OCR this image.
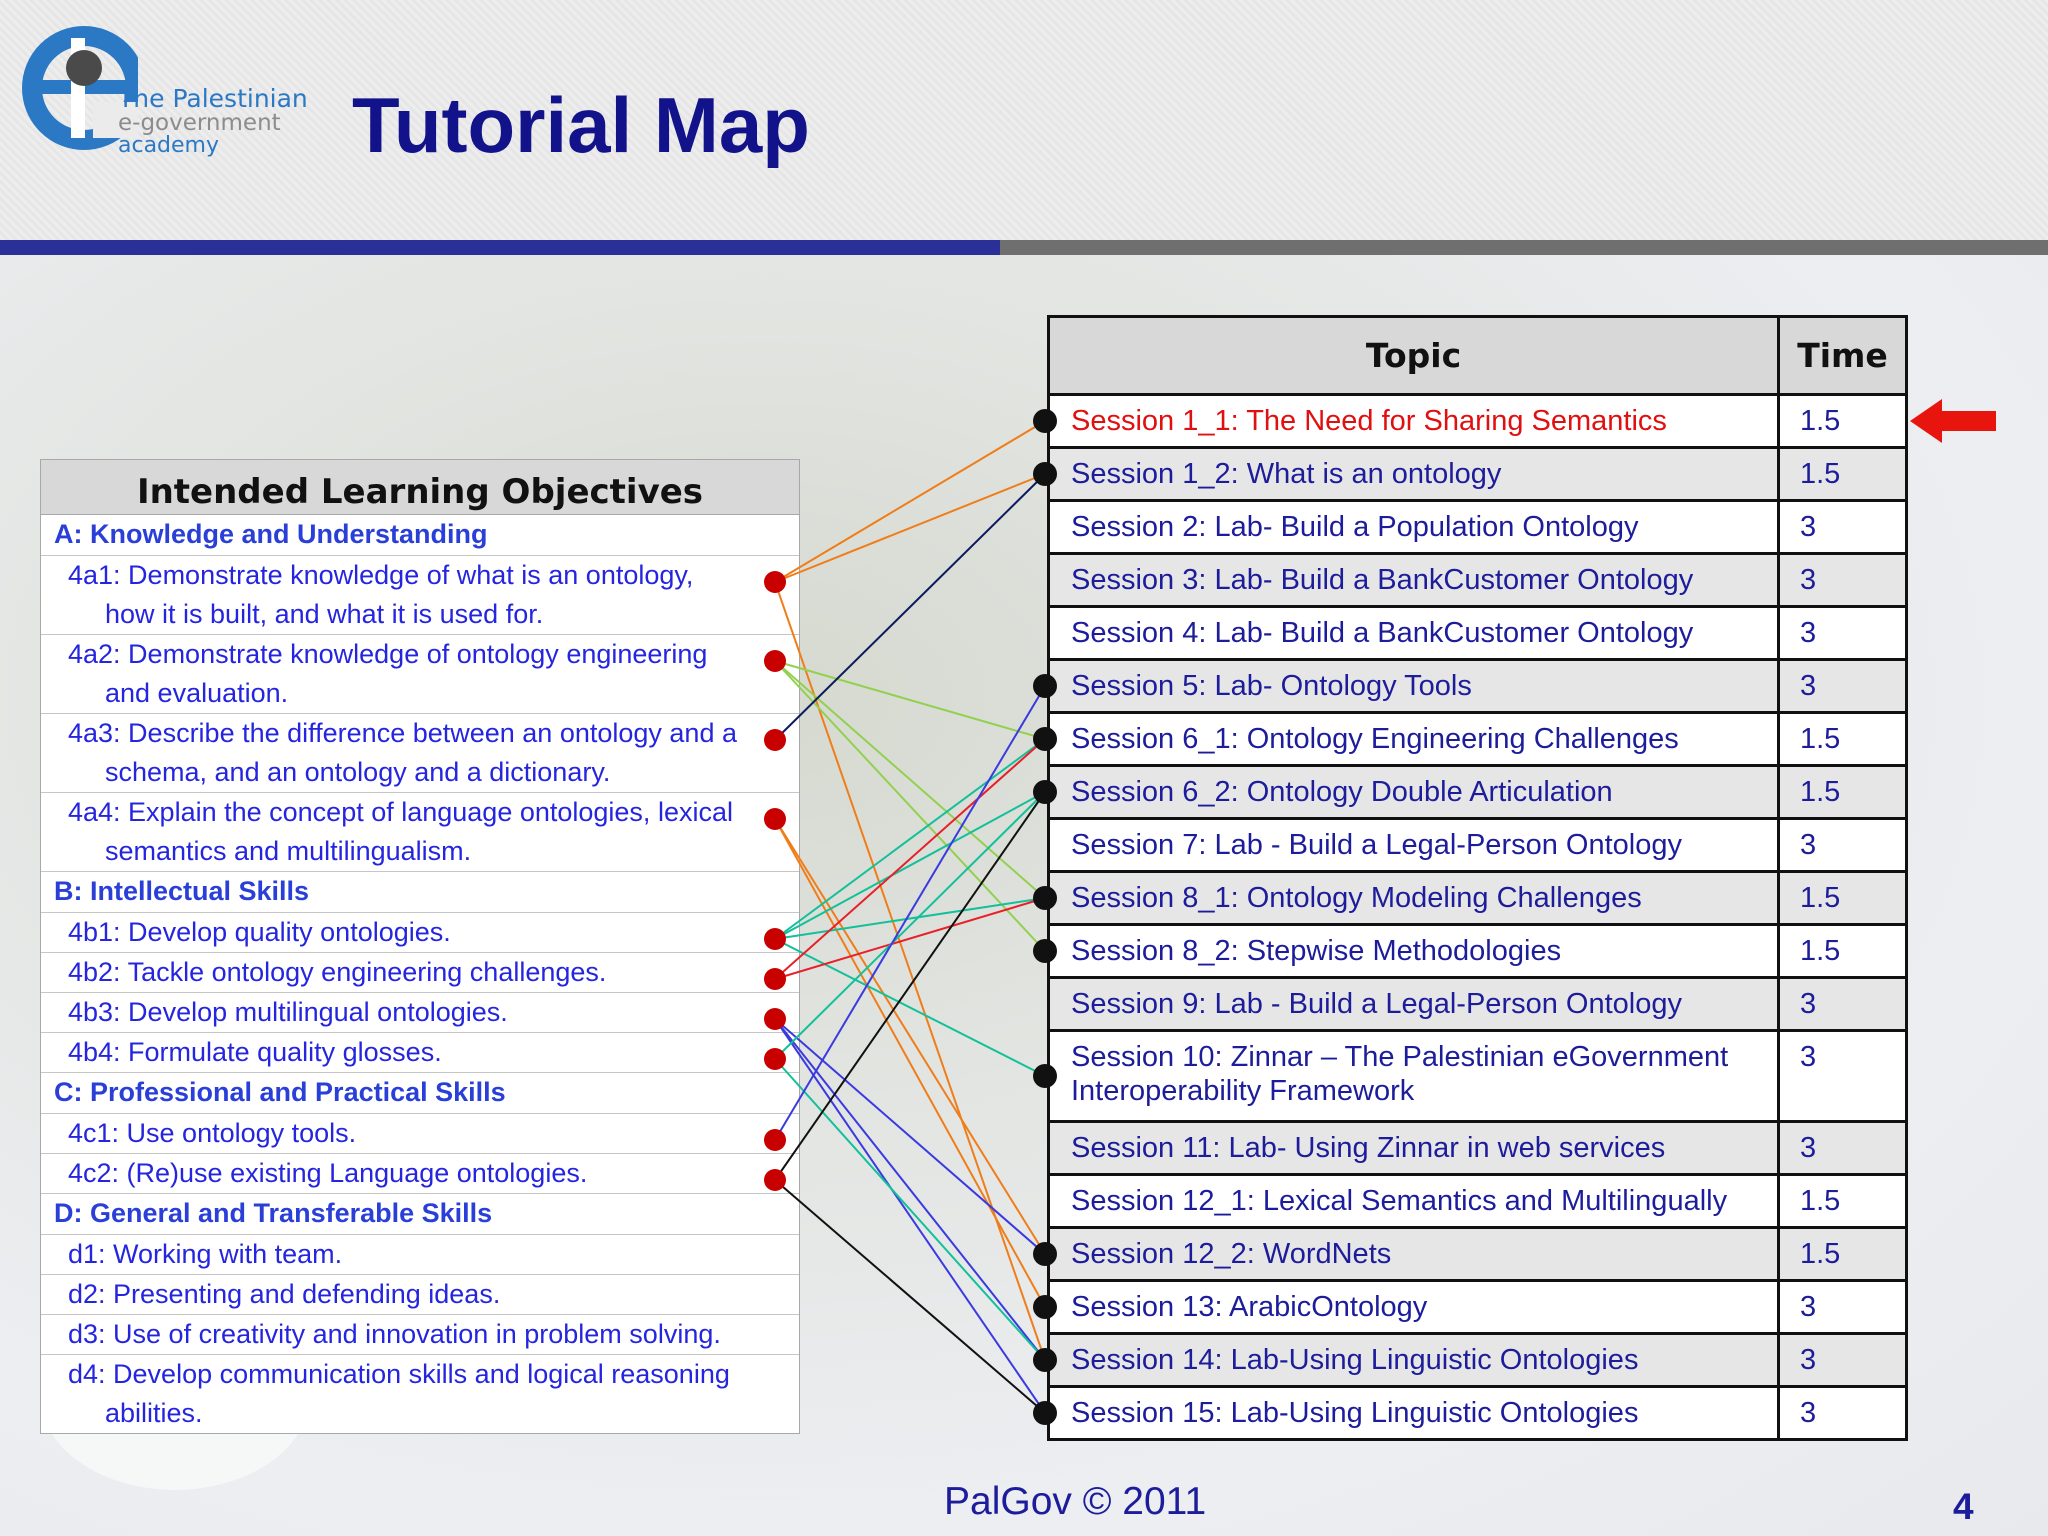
The Palestinian
e-government
academy Tutorial Map
Intended Learning Objectives
A: Knowledge and Understanding
4a1: Demonstrate knowledge of what is an ontology,
how it is built, and what it is used for.
4a2: Demonstrate knowledge of ontology engineering
and evaluation.
4a3: Describe the difference between an ontology and a
schema, and an ontology and a dictionary.
4a4: Explain the concept of language ontologies, lexical
semantics and multilingualism.
B: Intellectual Skills
4b1: Develop quality ontologies.
4b2: Tackle ontology engineering challenges.
4b3: Develop multilingual ontologies.
4b4: Formulate quality glosses.
C: Professional and Practical Skills
4c1: Use ontology tools.
4c2: (Re)use existing Language ontologies.
D: General and Transferable Skills
d1: Working with team.
d2: Presenting and defending ideas.
d3: Use of creativity and innovation in problem solving.
d4: Develop communication skills and logical reasoning
abilities.
Topic	Time
Session 1_1: The Need for Sharing Semantics	1.5
Session 1_2: What is an ontology	1.5
Session 2: Lab- Build a Population Ontology	3
Session 3: Lab- Build a BankCustomer Ontology	3
Session 4: Lab- Build a BankCustomer Ontology	3
Session 5: Lab- Ontology Tools	3
Session 6_1: Ontology Engineering Challenges	1.5
Session 6_2: Ontology Double Articulation	1.5
Session 7: Lab - Build a Legal-Person Ontology	3
Session 8_1: Ontology Modeling Challenges	1.5
Session 8_2: Stepwise Methodologies	1.5
Session 9: Lab - Build a Legal-Person Ontology	3
Session 10: Zinnar – The Palestinian eGovernment
Interoperability Framework	3
Session 11: Lab- Using Zinnar in web services	3
Session 12_1: Lexical Semantics and Multilingually	1.5
Session 12_2: WordNets	1.5
Session 13: ArabicOntology	3
Session 14: Lab-Using Linguistic Ontologies	3
Session 15: Lab-Using Linguistic Ontologies	3
PalGov © 2011	4
